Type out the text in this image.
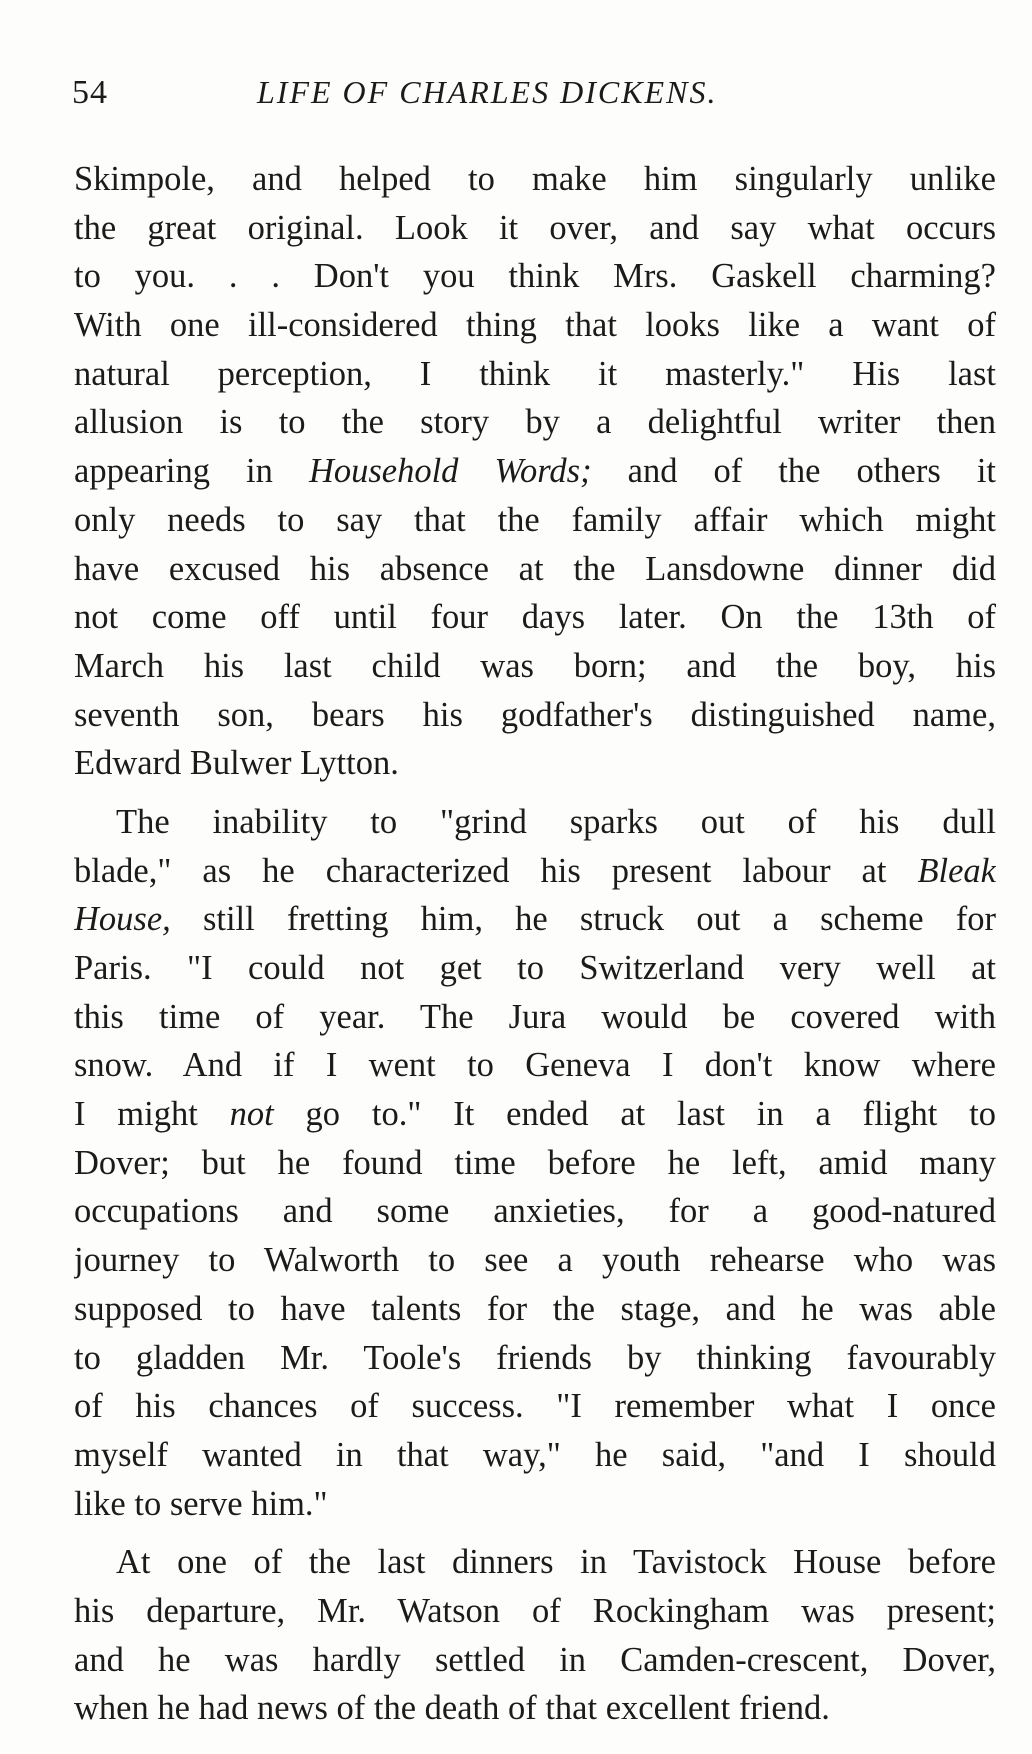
54	LIFE OF CHARLES DICKENS.
Skimpole, and helped to make him singularly unlike
the great original. Look it over, and say what occurs
to you. . . Don't you think Mrs. Gaskell charming?
With one ill-considered thing that looks like a want of
natural perception, I think it masterly." His last
allusion is to the story by a delightful writer then
appearing in Household Words; and of the others it
only needs to say that the family affair which might
have excused his absence at the Lansdowne dinner did
not come off until four days later. On the 13th of
March his last child was born; and the boy, his
seventh son, bears his godfather's distinguished name,
Edward Bulwer Lytton.
The inability to "grind sparks out of his dull
blade," as he characterized his present labour at Bleak
House, still fretting him, he struck out a scheme for
Paris. "I could not get to Switzerland very well at
this time of year. The Jura would be covered with
snow. And if I went to Geneva I don't know where
I might not go to." It ended at last in a flight to
Dover; but he found time before he left, amid many
occupations and some anxieties, for a good-natured
journey to Walworth to see a youth rehearse who was
supposed to have talents for the stage, and he was able
to gladden Mr. Toole's friends by thinking favourably
of his chances of success. "I remember what I once
myself wanted in that way," he said, "and I should
like to serve him."
At one of the last dinners in Tavistock House before
his departure, Mr. Watson of Rockingham was present;
and he was hardly settled in Camden-crescent, Dover,
when he had news of the death of that excellent friend.
